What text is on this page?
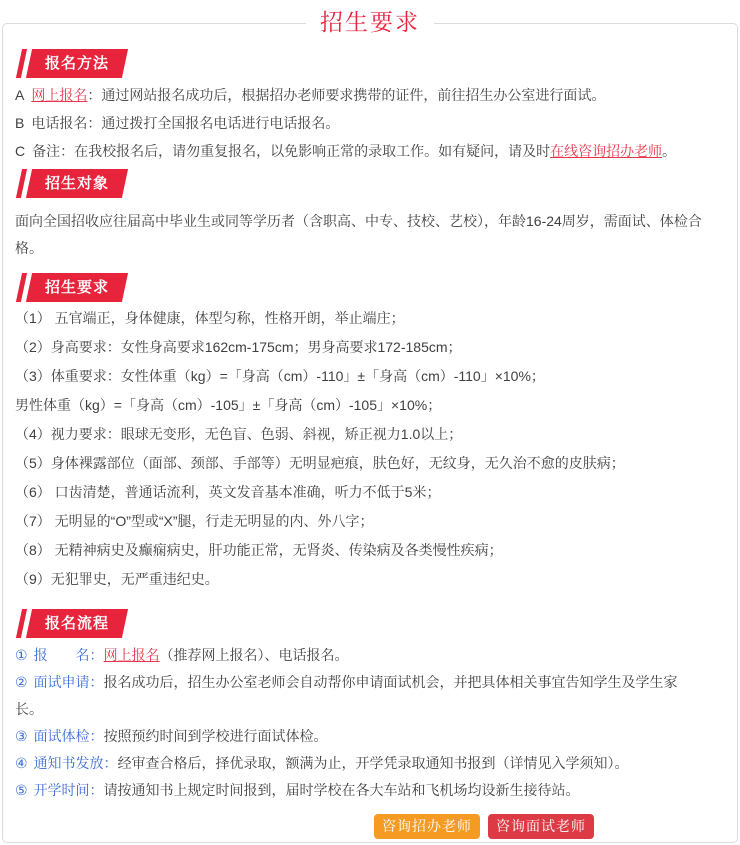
报名方法

A 网上报名：通过网站报名成功后，根据招办老师要求携带的证件，前往招生办公室进行面试。

B 电话报名：通过拨打全国报名电话进行电话报名。

C 备注：在我校报名后，请勿重复报名，以免影响正常的录取工作。如有疑问，请及时在线咨询招办老师。

招生对象

面向全国招收应往届高中毕业生或同等学历者（含职高、中专、技校、艺校），年龄16-24周岁，需面试、体检合格。

招生要求

（1） 五官端正，身体健康，体型匀称，性格开朗，举止端庄；

（2）身高要求：女性身高要求162cm-175cm；男身高要求172-185cm；

（3）体重要求：女性体重（kg）=「身高（cm）-110」±「身高（cm）-110」×10%；

男性体重（kg）=「身高（cm）-105」±「身高（cm）-105」×10%；

（4）视力要求：眼球无变形，无色盲、色弱、斜视，矫正视力1.0以上；

（5）身体裸露部位（面部、颈部、手部等）无明显疤痕，肤色好，无纹身，无久治不愈的皮肤病；

（6） 口齿清楚，普通话流利，英文发音基本准确，听力不低于5米；

（7） 无明显的“O”型或“X”腿，行走无明显的内、外八字；

（8） 无精神病史及癫痫病史，肝功能正常，无肾炎、传染病及各类慢性疾病；

（9）无犯罪史，无严重违纪史。

报名流程

① 报　　名：网上报名（推荐网上报名）、电话报名。

② 面试申请：报名成功后，招生办公室老师会自动帮你申请面试机会，并把具体相关事宜告知学生及学生家长。

③ 面试体检：按照预约时间到学校进行面试体检。

④ 通知书发放：经审查合格后，择优录取，额满为止，开学凭录取通知书报到（详情见入学须知）。

⑤ 开学时间：请按通知书上规定时间报到，届时学校在各大车站和飞机场均设新生接待站。

咨询招办老师 咨询面试老师
招生要求
